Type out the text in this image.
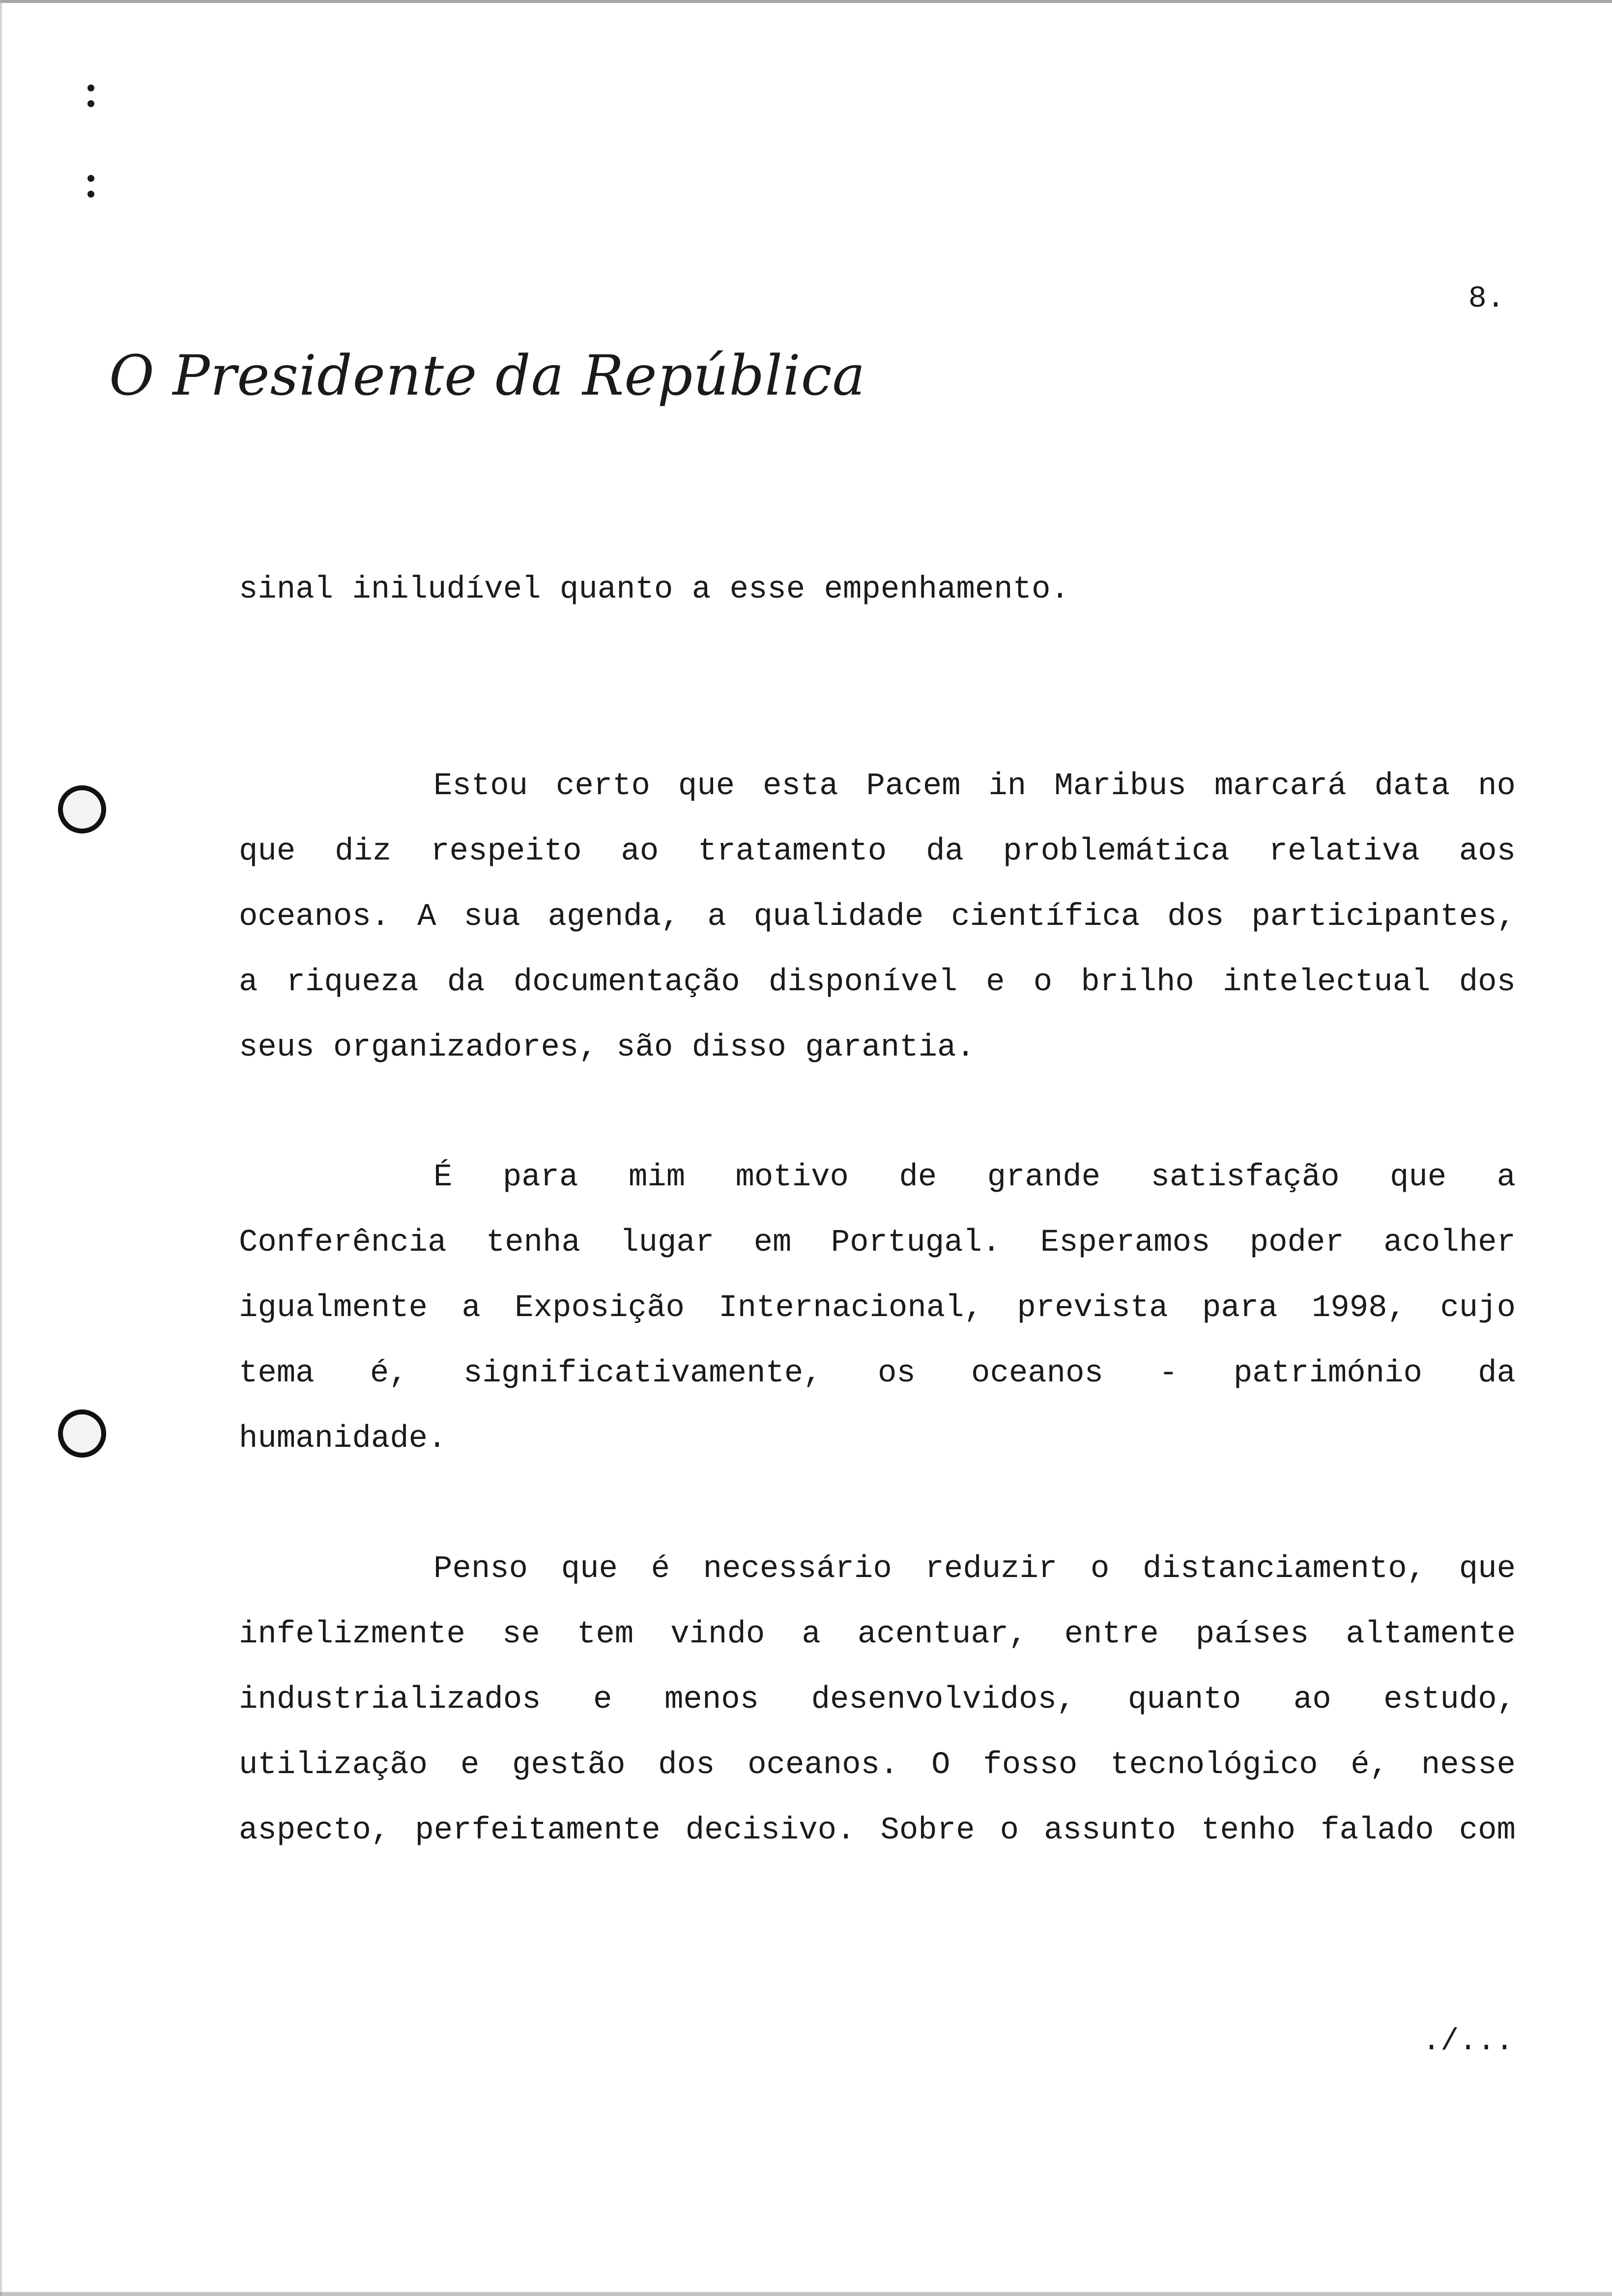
8.
O Presidente da República
sinal iniludível quanto a esse empenhamento.
Estou certo que esta Pacem in Maribus marcará data no
que diz respeito ao tratamento da problemática relativa aos
oceanos. A sua agenda, a qualidade científica dos participantes,
a riqueza da documentação disponível e o brilho intelectual dos
seus organizadores, são disso garantia.
É para mim motivo de grande satisfação que a
Conferência tenha lugar em Portugal. Esperamos poder acolher
igualmente a Exposição Internacional, prevista para 1998, cujo
tema é, significativamente, os oceanos - património da
humanidade.
Penso que é necessário reduzir o distanciamento, que
infelizmente se tem vindo a acentuar, entre países altamente
industrializados e menos desenvolvidos, quanto ao estudo,
utilização e gestão dos oceanos. O fosso tecnológico é, nesse
aspecto, perfeitamente decisivo. Sobre o assunto tenho falado com
./...
